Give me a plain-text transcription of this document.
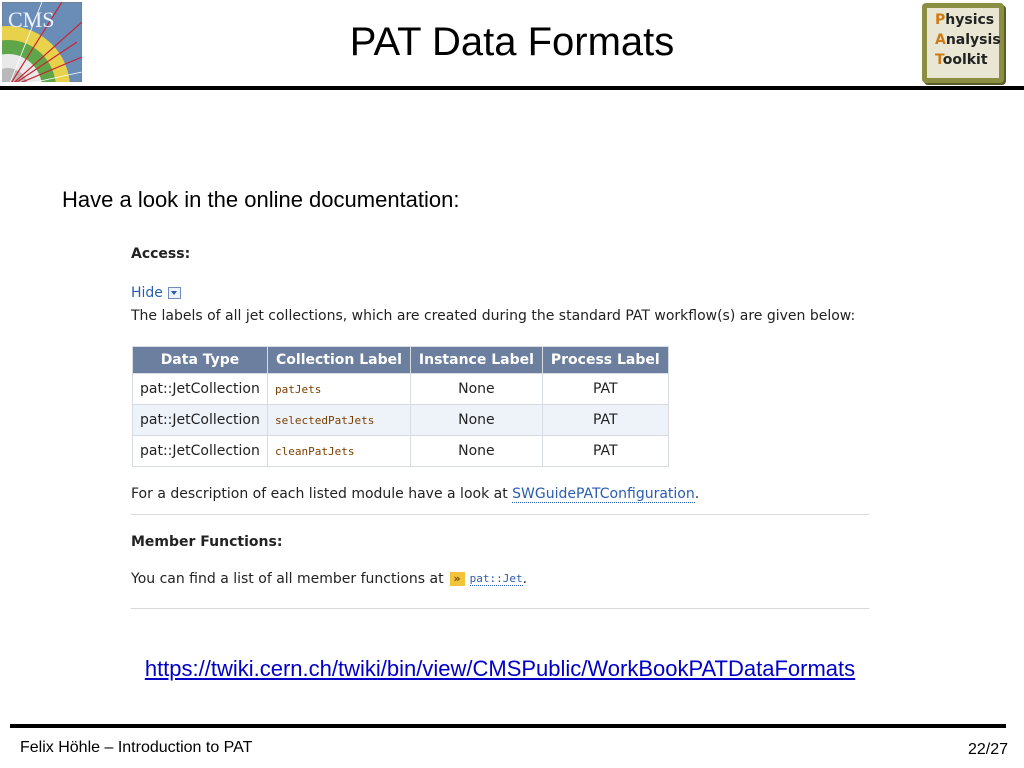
CMS
PAT Data Formats	Physics
Analysis
Toolkit
Have a look in the online documentation:
Access:
Hide
The labels of all jet collections, which are created during the standard PAT workflow(s) are given below:
Data Type	Collection Label	Instance Label	Process Label
pat::JetCollection	patJets	None	PAT
pat::JetCollection	selectedPatJets	None	PAT
pat::JetCollection	cleanPatJets	None	PAT
For a description of each listed module have a look at SWGuidePATConfiguration.
Member Functions:
You can find a list of all member functions at » pat::Jet .
https://twiki.cern.ch/twiki/bin/view/CMSPublic/WorkBookPATDataFormats
Felix Höhle – Introduction to PAT	22/27
